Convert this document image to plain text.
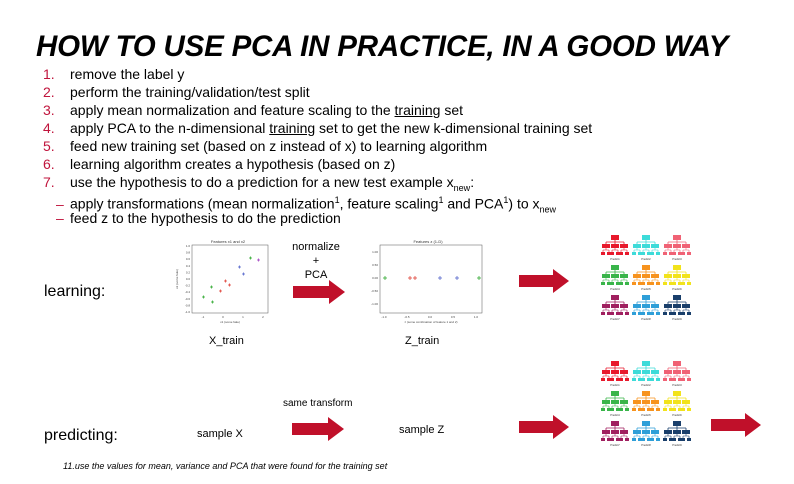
HOW TO USE PCA IN PRACTICE, IN A GOOD WAY
1. remove the label y
2. perform the training/validation/test split
3. apply mean normalization and feature scaling to the training set
4. apply PCA to the n-dimensional training set to get the new k-dimensional training set
5. feed new training set (based on z instead of x) to learning algorithm
6. learning algorithm creates a hypothesis (based on z)
7. use the hypothesis to do a prediction for a new test example $x_{new}$:
– apply transformations (mean normalization$^1$, feature scaling$^1$ and PCA$^1$) to $x_{new}$
– feed z to the hypothesis to do the prediction
learning:
Features x1 and x2
1.0
0.8
0.6
0.4
0.2
0.0
-0.2
-0.4
-0.6
-0.8
-1.0
-1	0	1	2
x1 (some fake)
x2 (some fake)
normalize
+
PCA
Features z (1-D)
1.00
0.50
0.00
-0.50
-1.00
-1.0	-0.5	0.0	0.5	1.0
z (some combination of feature 1 and 2)
X_train	Z_train
Predict1	Predict2	Predict3
Predict4	Predict5	Predict6
Predict7	Predict8	Predict9
predicting:	sample X
same transform
sample Z
Predict1	Predict2	Predict3
Predict4	Predict5	Predict6
Predict7	Predict8	Predict9
11.use the values for mean, variance and PCA that were found for the training set
